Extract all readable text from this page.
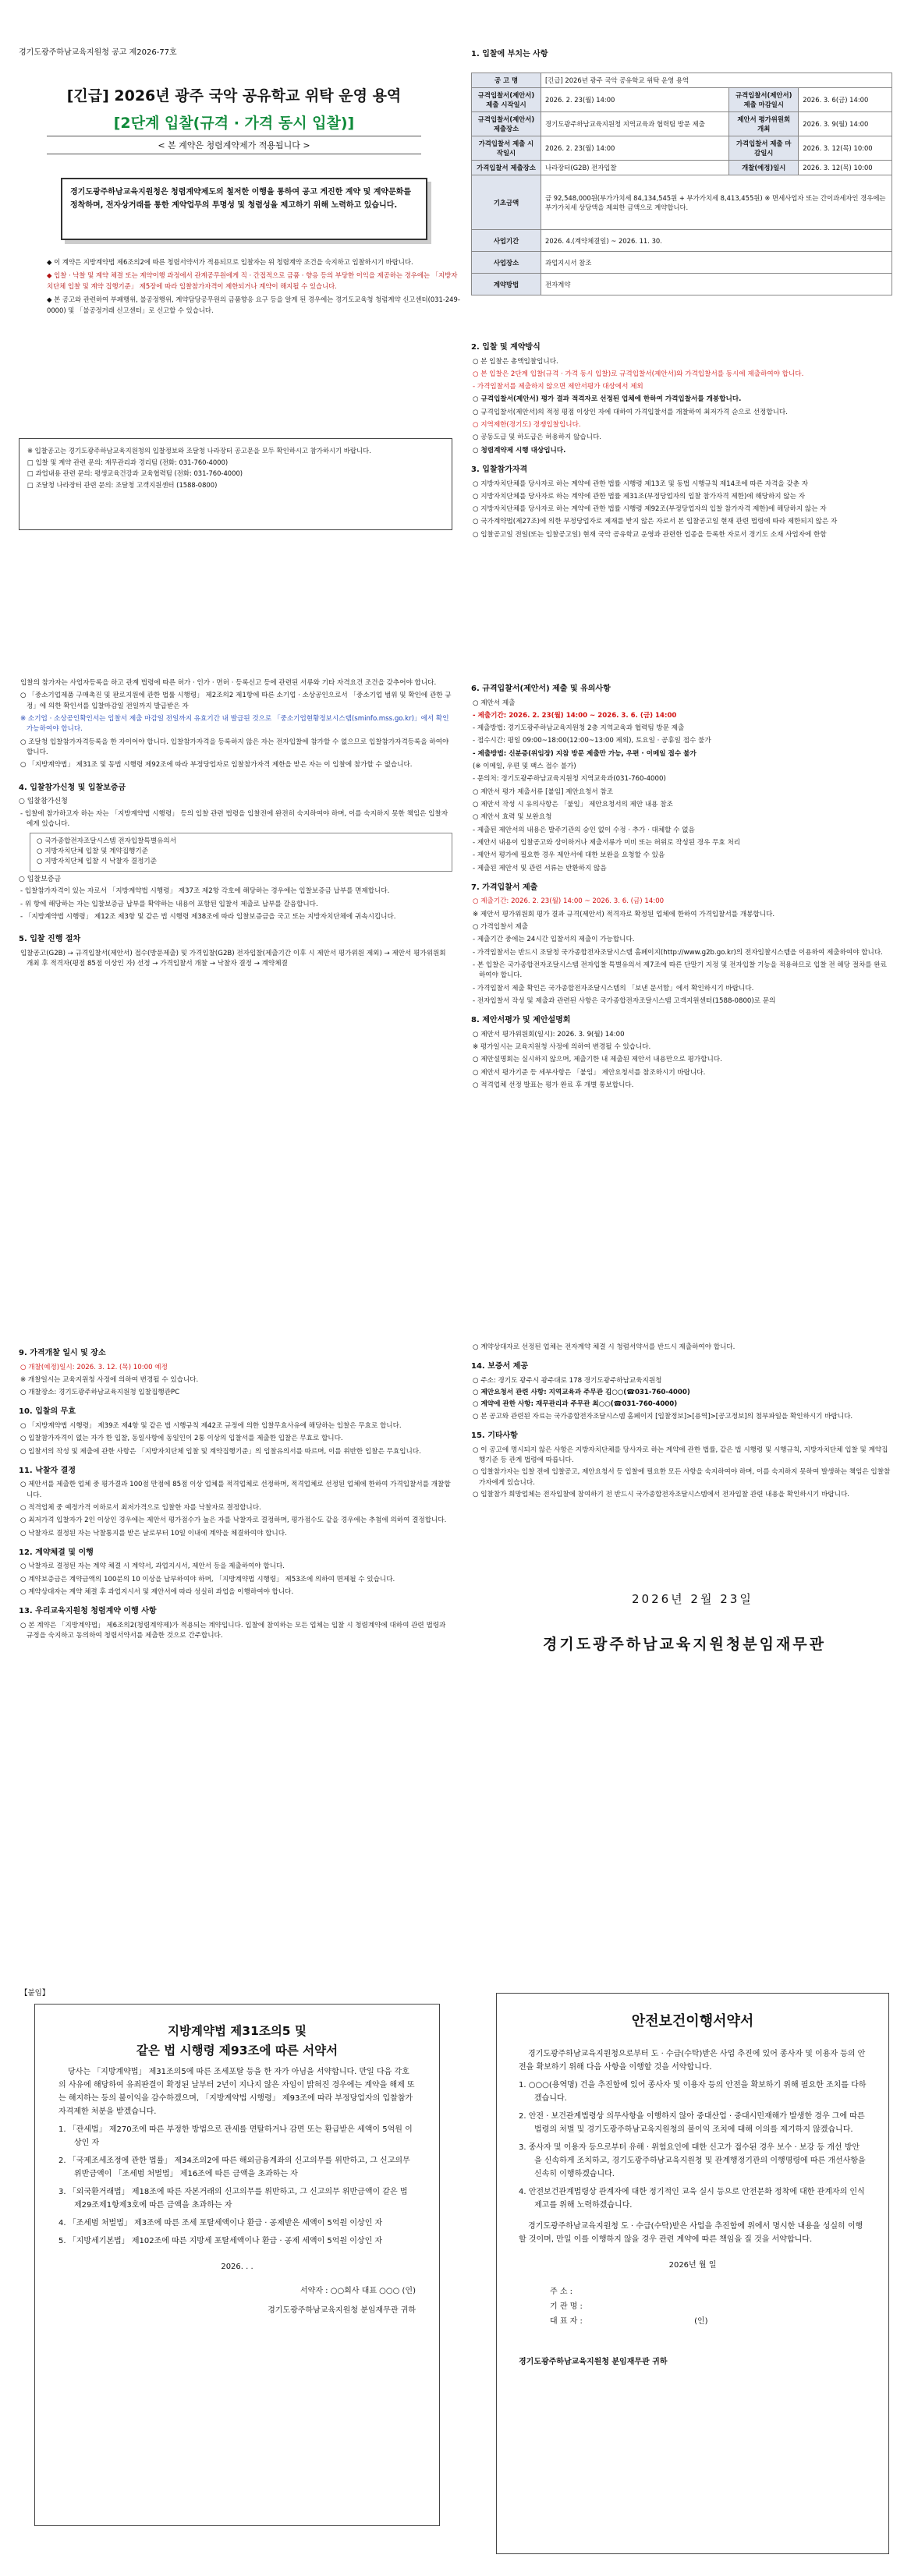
경기도광주하남교육지원청 공고 제2026-77호
[긴급] 2026년 광주 국악 공유학교 위탁 운영 용역
[2단계 입찰(규격 · 가격 동시 입찰)]
< 본 계약은 청렴계약제가 적용됩니다 >
경기도광주하남교육지원청은 청렴계약제도의 철저한 이행을 통하여 공고 게진한 계약 및 계약문화를 정착하며, 전자상거래를 통한 계약업무의 투명성 및 청렴성을 제고하기 위해 노력하고 있습니다.

◆ 이 계약은 지방계약법 제6조의2에 따른 청렴서약서가 적용되므로 입찰자는 위 청렴계약 조건을 숙지하고 입찰하시기 바랍니다.

◆ 입찰 · 낙찰 및 계약 체결 또는 계약이행 과정에서 관계공무원에게 직 · 간접적으로 금품 · 향응 등의 부당한 이익을 제공하는 경우에는 「지방자치단체 입찰 및 계약 집행기준」 제5장에 따라 입찰참가자격이 제한되거나 계약이 해지될 수 있습니다.

◆ 본 공고와 관련하여 부패행위, 불공정행위, 계약담당공무원의 금품향응 요구 등을 알게 된 경우에는 경기도교육청 청렴계약 신고센터(031-249-0000) 및 「불공정거래 신고센터」로 신고할 수 있습니다.

※ 입찰공고는 경기도광주하남교육지원청의 입찰정보와 조달청 나라장터 공고문을 모두 확인하시고 참가하시기 바랍니다.

□ 입찰 및 계약 관련 문의: 재무관리과 경리팀 (전화: 031-760-4000)

□ 과업내용 관련 문의: 평생교육건강과 교육협력팀 (전화: 031-760-4000)

□ 조달청 나라장터 관련 문의: 조달청 고객지원센터 (1588-0800)

1. 입찰에 부치는 사항
공 고 명	[긴급] 2026년 광주 국악 공유학교 위탁 운영 용역		
규격입찰서(제안서) 제출 시작일시	2026. 2. 23(월) 14:00	규격입찰서(제안서) 제출 마감일시	2026. 3. 6(금) 14:00
규격입찰서(제안서) 제출장소	경기도광주하남교육지원청 지역교육과 협력팀 방문 제출	제안서 평가위원회 개최	2026. 3. 9(월) 14:00
가격입찰서 제출 시작일시	2026. 2. 23(월) 14:00	가격입찰서 제출 마감일시	2026. 3. 12(목) 10:00
가격입찰서 제출장소	나라장터(G2B) 전자입찰	개찰(예정)일시	2026. 3. 12(목) 10:00
기초금액	금 92,548,000원(부가가치세 84,134,545원 + 부가가치세 8,413,455원) ※ 면세사업자 또는 간이과세자인 경우에는 부가가치세 상당액을 제외한 금액으로 계약합니다.		
사업기간	2026. 4.(계약체결일) ~ 2026. 11. 30.		
사업장소	과업지시서 참조		
계약방법	전자계약		
2. 입찰 및 계약방식

○ 본 입찰은 총액입찰입니다.

○ 본 입찰은 2단계 입찰(규격 · 가격 동시 입찰)로 규격입찰서(제안서)와 가격입찰서를 동시에 제출하여야 합니다.

- 가격입찰서를 제출하지 않으면 제안서평가 대상에서 제외

○ 규격입찰서(제안서) 평가 결과 적격자로 선정된 업체에 한하여 가격입찰서를 개봉합니다.

○ 규격입찰서(제안서)의 적정 평점 이상인 자에 대하여 가격입찰서를 개찰하여 최저가격 순으로 선정합니다.

○ 지역제한(경기도) 경쟁입찰입니다.

○ 공동도급 및 하도급은 허용하지 않습니다.

○ 청렴계약제 시행 대상입니다.

3. 입찰참가자격

○ 지방자치단체를 당사자로 하는 계약에 관한 법률 시행령 제13조 및 동법 시행규칙 제14조에 따른 자격을 갖춘 자

○ 지방자치단체를 당사자로 하는 계약에 관한 법률 제31조(부정당업자의 입찰 참가자격 제한)에 해당하지 않는 자

○ 지방자치단체를 당사자로 하는 계약에 관한 법률 시행령 제92조(부정당업자의 입찰 참가자격 제한)에 해당하지 않는 자

○ 국가계약법(제27조)에 의한 부정당업자로 제재를 받지 않은 자로서 본 입찰공고일 현재 관련 법령에 따라 제한되지 않은 자

○ 입찰공고일 전일(또는 입찰공고일) 현재 국악 공유학교 운영과 관련한 업종을 등록한 자로서 경기도 소재 사업자에 한함

입찰의 참가자는 사업자등록을 하고 관계 법령에 따른 허가 · 인가 · 면허 · 등록신고 등에 관련된 서류와 기타 자격요건 조건을 갖추어야 합니다.

○ 「중소기업제품 구매촉진 및 판로지원에 관한 법률 시행령」 제2조의2 제1항에 따른 소기업 · 소상공인으로서 「중소기업 범위 및 확인에 관한 규정」에 의한 확인서를 입찰마감일 전일까지 발급받은 자

※ 소기업 · 소상공인확인서는 입찰서 제출 마감일 전일까지 유효기간 내 발급된 것으로 「중소기업현황정보시스템(sminfo.mss.go.kr)」에서 확인 가능하여야 합니다.

○ 조달청 입찰참가자격등록을 한 자이어야 합니다. 입찰참가자격을 등록하지 않은 자는 전자입찰에 참가할 수 없으므로 입찰참가자격등록을 하여야 합니다.

○ 「지방계약법」 제31조 및 동법 시행령 제92조에 따라 부정당업자로 입찰참가자격 제한을 받은 자는 이 입찰에 참가할 수 없습니다.

4. 입찰참가신청 및 입찰보증금
○ 입찰참가신청

- 입찰에 참가하고자 하는 자는 「지방계약법 시행령」 등의 입찰 관련 법령을 입찰전에 완전히 숙지하여야 하며, 이를 숙지하지 못한 책임은 입찰자에게 있습니다.

○ 국가종합전자조달시스템 전자입찰특별유의서
○ 지방자치단체 입찰 및 계약집행기준
○ 지방자치단체 입찰 시 낙찰자 결정기준
○ 입찰보증금

- 입찰참가자격이 있는 자로서 「지방계약법 시행령」 제37조 제2항 각호에 해당하는 경우에는 입찰보증금 납부를 면제합니다.

- 위 항에 해당하는 자는 입찰보증금 납부를 확약하는 내용이 포함된 입찰서 제출로 납부를 갈음합니다.

- 「지방계약법 시행령」 제12조 제3항 및 같은 법 시행령 제38조에 따라 입찰보증금을 국고 또는 지방자치단체에 귀속시킵니다.

5. 입찰 진행 절차

입찰공고(G2B) → 규격입찰서(제안서) 접수(방문제출) 및 가격입찰(G2B) 전자입찰(제출기간 이후 시 제안서 평가위원 제외) → 제안서 평가위원회 개최 후 적격자(평점 85점 이상인 자) 선정 → 가격입찰서 개찰 → 낙찰자 결정 → 계약체결

6. 규격입찰서(제안서) 제출 및 유의사항

○ 제안서 제출

- 제출기간: 2026. 2. 23(월) 14:00 ~ 2026. 3. 6. (금) 14:00

- 제출방법: 경기도광주하남교육지원청 2층 지역교육과 협력팀 방문 제출

- 접수시간: 평일 09:00~18:00(12:00~13:00 제외), 토요일 · 공휴일 접수 불가

- 제출방법: 신분증(위임장) 지참 방문 제출만 가능, 우편 · 이메일 접수 불가

(※ 이메일, 우편 및 팩스 접수 불가)

- 문의처: 경기도광주하남교육지원청 지역교육과(031-760-4000)

○ 제안서 평가 제출서류 [붙임] 제안요청서 참조

○ 제안서 작성 시 유의사항은 「붙임」 제안요청서의 제안 내용 참조

○ 제안서 효력 및 보완요청

- 제출된 제안서의 내용은 발주기관의 승인 없이 수정 · 추가 · 대체할 수 없음

- 제안서 내용이 입찰공고와 상이하거나 제출서류가 미비 또는 허위로 작성된 경우 무효 처리

- 제안서 평가에 필요한 경우 제안서에 대한 보완을 요청할 수 있음

- 제출된 제안서 및 관련 서류는 반환하지 않음

7. 가격입찰서 제출

○ 제출기간: 2026. 2. 23(월) 14:00 ~ 2026. 3. 6. (금) 14:00

※ 제안서 평가위원회 평가 결과 규격(제안서) 적격자로 확정된 업체에 한하여 가격입찰서를 개봉합니다.

○ 가격입찰서 제출

- 제출기간 중에는 24시간 입찰서의 제출이 가능합니다.

- 가격입찰서는 반드시 조달청 국가종합전자조달시스템 홈페이지(http://www.g2b.go.kr)의 전자입찰시스템을 이용하여 제출하여야 합니다.

- 본 입찰은 국가종합전자조달시스템 전자입찰 특별유의서 제7조에 따른 단말기 지정 및 전자입찰 기능을 적용하므로 입찰 전 해당 절차를 완료하여야 합니다.

- 가격입찰서 제출 확인은 국가종합전자조달시스템의 「보낸 문서함」에서 확인하시기 바랍니다.

- 전자입찰서 작성 및 제출과 관련된 사항은 국가종합전자조달시스템 고객지원센터(1588-0800)로 문의

8. 제안서평가 및 제안설명회

○ 제안서 평가위원회(일시): 2026. 3. 9(월) 14:00

※ 평가일시는 교육지원청 사정에 의하여 변경될 수 있습니다.

○ 제안설명회는 실시하지 않으며, 제출기한 내 제출된 제안서 내용만으로 평가합니다.

○ 제안서 평가기준 등 세부사항은 「붙임」 제안요청서를 참조하시기 바랍니다.

○ 적격업체 선정 발표는 평가 완료 후 개별 통보합니다.

9. 가격개찰 일시 및 장소

○ 개찰(예정)일시: 2026. 3. 12. (목) 10:00 예정

※ 개찰일시는 교육지원청 사정에 의하여 변경될 수 있습니다.

○ 개찰장소: 경기도광주하남교육지원청 입찰집행관PC

10. 입찰의 무효

○ 「지방계약법 시행령」 제39조 제4항 및 같은 법 시행규칙 제42조 규정에 의한 입찰무효사유에 해당하는 입찰은 무효로 합니다.

○ 입찰참가자격이 없는 자가 한 입찰, 동일사항에 동일인이 2통 이상의 입찰서를 제출한 입찰은 무효로 합니다.

○ 입찰서의 작성 및 제출에 관한 사항은 「지방자치단체 입찰 및 계약집행기준」의 입찰유의서를 따르며, 이를 위반한 입찰은 무효입니다.

11. 낙찰자 결정

○ 제안서를 제출한 업체 중 평가결과 100점 만점에 85점 이상 업체를 적격업체로 선정하며, 적격업체로 선정된 업체에 한하여 가격입찰서를 개찰합니다.

○ 적격업체 중 예정가격 이하로서 최저가격으로 입찰한 자를 낙찰자로 결정합니다.

○ 최저가격 입찰자가 2인 이상인 경우에는 제안서 평가점수가 높은 자를 낙찰자로 결정하며, 평가점수도 같을 경우에는 추첨에 의하여 결정합니다.

○ 낙찰자로 결정된 자는 낙찰통지를 받은 날로부터 10일 이내에 계약을 체결하여야 합니다.

12. 계약체결 및 이행

○ 낙찰자로 결정된 자는 계약 체결 시 계약서, 과업지시서, 제안서 등을 제출하여야 합니다.

○ 계약보증금은 계약금액의 100분의 10 이상을 납부하여야 하며, 「지방계약법 시행령」 제53조에 의하여 면제될 수 있습니다.

○ 계약상대자는 계약 체결 후 과업지시서 및 제안서에 따라 성실히 과업을 이행하여야 합니다.

13. 우리교육지원청 청렴계약 이행 사항

○ 본 계약은 「지방계약법」 제6조의2(청렴계약제)가 적용되는 계약입니다. 입찰에 참여하는 모든 업체는 입찰 시 청렴계약에 대하여 관련 법령과 규정을 숙지하고 동의하여 청렴서약서를 제출한 것으로 간주합니다.

○ 계약상대자로 선정된 업체는 전자계약 체결 시 청렴서약서를 반드시 제출하여야 합니다.

14. 보증서 제공

○ 주소: 경기도 광주시 광주대로 178 경기도광주하남교육지원청

○ 제안요청서 관련 사항: 지역교육과 주무관 김○○(☎031-760-4000)

○ 계약에 관한 사항: 재무관리과 주무관 최○○(☎031-760-4000)

○ 본 공고와 관련된 자료는 국가종합전자조달시스템 홈페이지 [입찰정보]>[용역]>[공고정보]의 첨부파일을 확인하시기 바랍니다.

15. 기타사항

○ 이 공고에 명시되지 않은 사항은 지방자치단체를 당사자로 하는 계약에 관한 법률, 같은 법 시행령 및 시행규칙, 지방자치단체 입찰 및 계약집행기준 등 관계 법령에 따릅니다.

○ 입찰참가자는 입찰 전에 입찰공고, 제안요청서 등 입찰에 필요한 모든 사항을 숙지하여야 하며, 이를 숙지하지 못하여 발생하는 책임은 입찰참가자에게 있습니다.

○ 입찰참가 희망업체는 전자입찰에 참여하기 전 반드시 국가종합전자조달시스템에서 전자입찰 관련 내용을 확인하시기 바랍니다.

2026년 2월 23일
경기도광주하남교육지원청분임재무관
【붙임】
지방계약법 제31조의5 및
같은 법 시행령 제93조에 따른 서약서

당사는 「지방계약법」 제31조의5에 따른 조세포탈 등을 한 자가 아님을 서약합니다. 만일 다음 각호의 사유에 해당하여 유죄판결이 확정된 날부터 2년이 지나지 않은 자임이 밝혀진 경우에는 계약을 해제 또는 해지하는 등의 불이익을 감수하겠으며, 「지방계약법 시행령」 제93조에 따라 부정당업자의 입찰참가자격제한 처분을 받겠습니다.

1. 「관세법」 제270조에 따른 부정한 방법으로 관세를 면탈하거나 감면 또는 환급받은 세액이 5억원 이상인 자

2. 「국제조세조정에 관한 법률」 제34조의2에 따른 해외금융계좌의 신고의무를 위반하고, 그 신고의무 위반금액이 「조세범 처벌법」 제16조에 따른 금액을 초과하는 자

3. 「외국환거래법」 제18조에 따른 자본거래의 신고의무를 위반하고, 그 신고의무 위반금액이 같은 법 제29조제1항제3호에 따른 금액을 초과하는 자

4. 「조세범 처벌법」 제3조에 따른 조세 포탈세액이나 환급 · 공제받은 세액이 5억원 이상인 자

5. 「지방세기본법」 제102조에 따른 지방세 포탈세액이나 환급 · 공제 세액이 5억원 이상인 자

2026. . .

서약자 : ○○회사 대표 ○○○ (인)

경기도광주하남교육지원청 분임재무관 귀하

안전보건이행서약서

경기도광주하남교육지원청으로부터 도 · 수급(수탁)받은 사업 추진에 있어 종사자 및 이용자 등의 안전을 확보하기 위해 다음 사항을 이행할 것을 서약합니다.

1. ○○○(용역명) 건을 추진함에 있어 종사자 및 이용자 등의 안전을 확보하기 위해 필요한 조치를 다하겠습니다.

2. 안전 · 보건관계법령상 의무사항을 이행하지 않아 중대산업 · 중대시민재해가 발생한 경우 그에 따른 법령의 처벌 및 경기도광주하남교육지원청의 불이익 조치에 대해 이의를 제기하지 않겠습니다.

3. 종사자 및 이용자 등으로부터 유해 · 위험요인에 대한 신고가 접수된 경우 보수 · 보강 등 개선 방안을 신속하게 조치하고, 경기도광주하남교육지원청 및 관계행정기관의 이행명령에 따른 개선사항을 신속히 이행하겠습니다.

4. 안전보건관계법령상 관계자에 대한 정기적인 교육 실시 등으로 안전문화 정착에 대한 관계자의 인식 제고를 위해 노력하겠습니다.

경기도광주하남교육지원청 도 · 수급(수탁)받은 사업을 추진함에 위에서 명시한 내용을 성실히 이행할 것이며, 만일 이를 이행하지 않을 경우 관련 계약에 따른 책임을 질 것을 서약합니다.

2026년 월 일

주 소 :
기 관 명 :
대 표 자 :	(인)

경기도광주하남교육지원청 분임재무관 귀하
